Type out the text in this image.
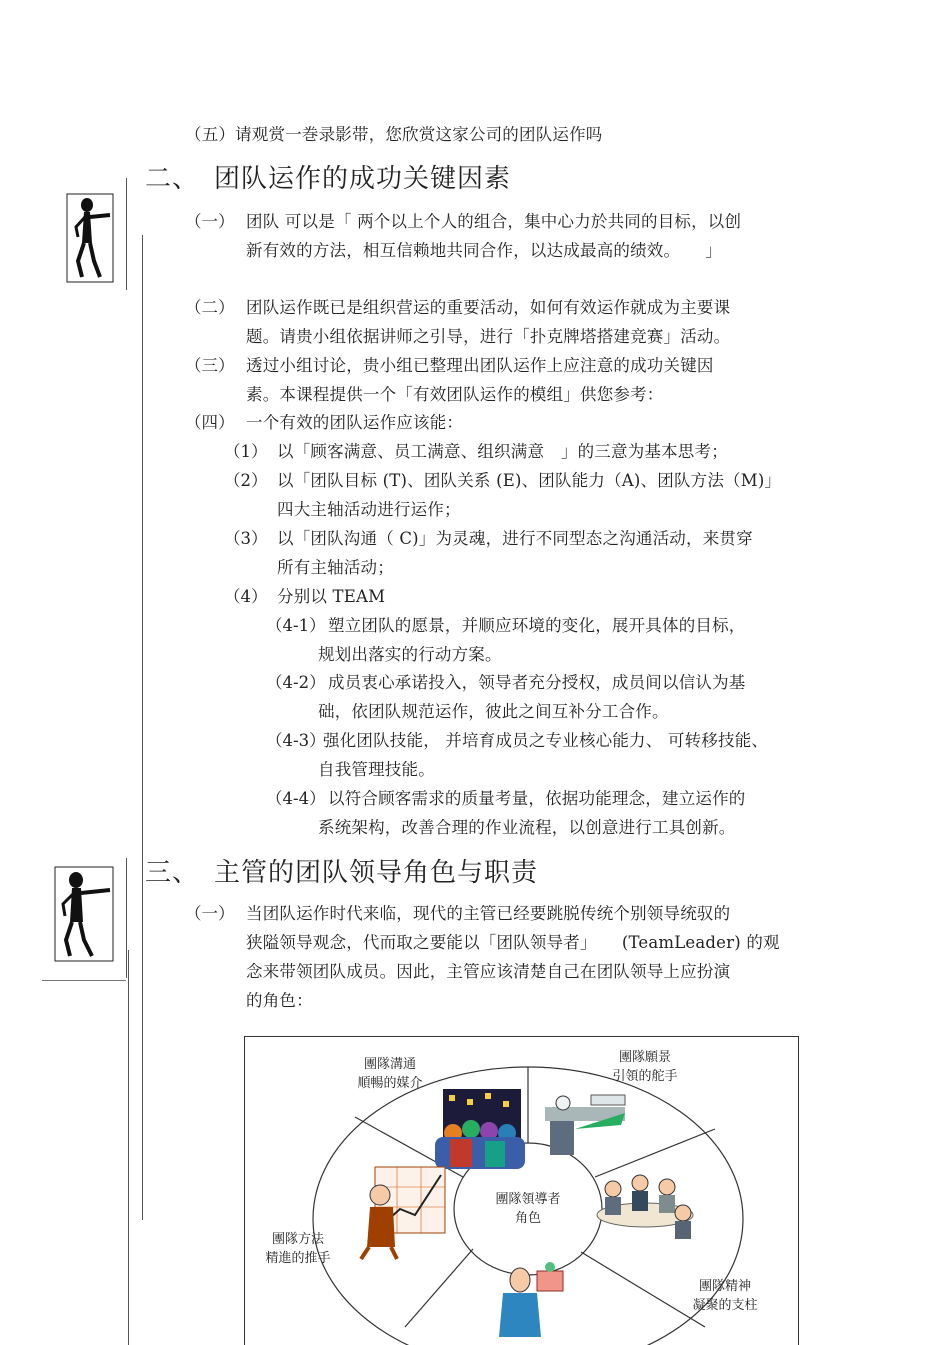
（五）请观赏一巻录影带，您欣赏这家公司的团队运作吗
二、 团队运作的成功关键因素
（一） 团队 可以是「 两个以上个人的组合，集中心力於共同的目标，以创
新有效的方法，相互信赖地共同合作，以达成最高的绩效。　　」
（二） 团队运作既已是组织营运的重要活动，如何有效运作就成为主要课
题。请贵小组依据讲师之引导，进行「扑克牌塔搭建竞赛」活动。
（三） 透过小组讨论，贵小组已整理出团队运作上应注意的成功关键因
素。本课程提供一个「有效团队运作的模组」供您参考：
（四） 一个有效的团队运作应该能：
（1） 以「顾客满意、员工满意、组织满意　」的三意为基本思考；
（2） 以「团队目标 (T)、团队关系 (E)、团队能力（A)、团队方法（M)」
四大主轴活动进行运作；
（3） 以「团队沟通（ C)」为灵魂，进行不同型态之沟通活动，来贯穿
所有主轴活动；
（4） 分别以 TEAM
（4-1） 塑立团队的愿景，并顺应环境的变化，展开具体的目标，
规划出落实的行动方案。
（4-2） 成员衷心承诺投入，领导者充分授权，成员间以信认为基
础，依团队规范运作，彼此之间互补分工合作。
（4-3）
强化团队技能， 并培育成员之专业核心能力、 可转移技能、
自我管理技能。
（4-4） 以符合顾客需求的质量考量，依据功能理念，建立运作的
系统架构，改善合理的作业流程，以创意进行工具创新。
三、 主管的团队领导角色与职责
（一） 当团队运作时代来临，现代的主管已经要跳脱传统个别领导统驭的
狭隘领导观念，代而取之要能以「团队领导者」　　(TeamLeader) 的观
念来带领团队成员。因此，主管应该清楚自己在团队领导上应扮演
的角色：
團隊領導者
角色
團隊溝通
順暢的媒介
團隊願景
引領的舵手
團隊方法
精進的推手
團隊精神
凝聚的支柱
